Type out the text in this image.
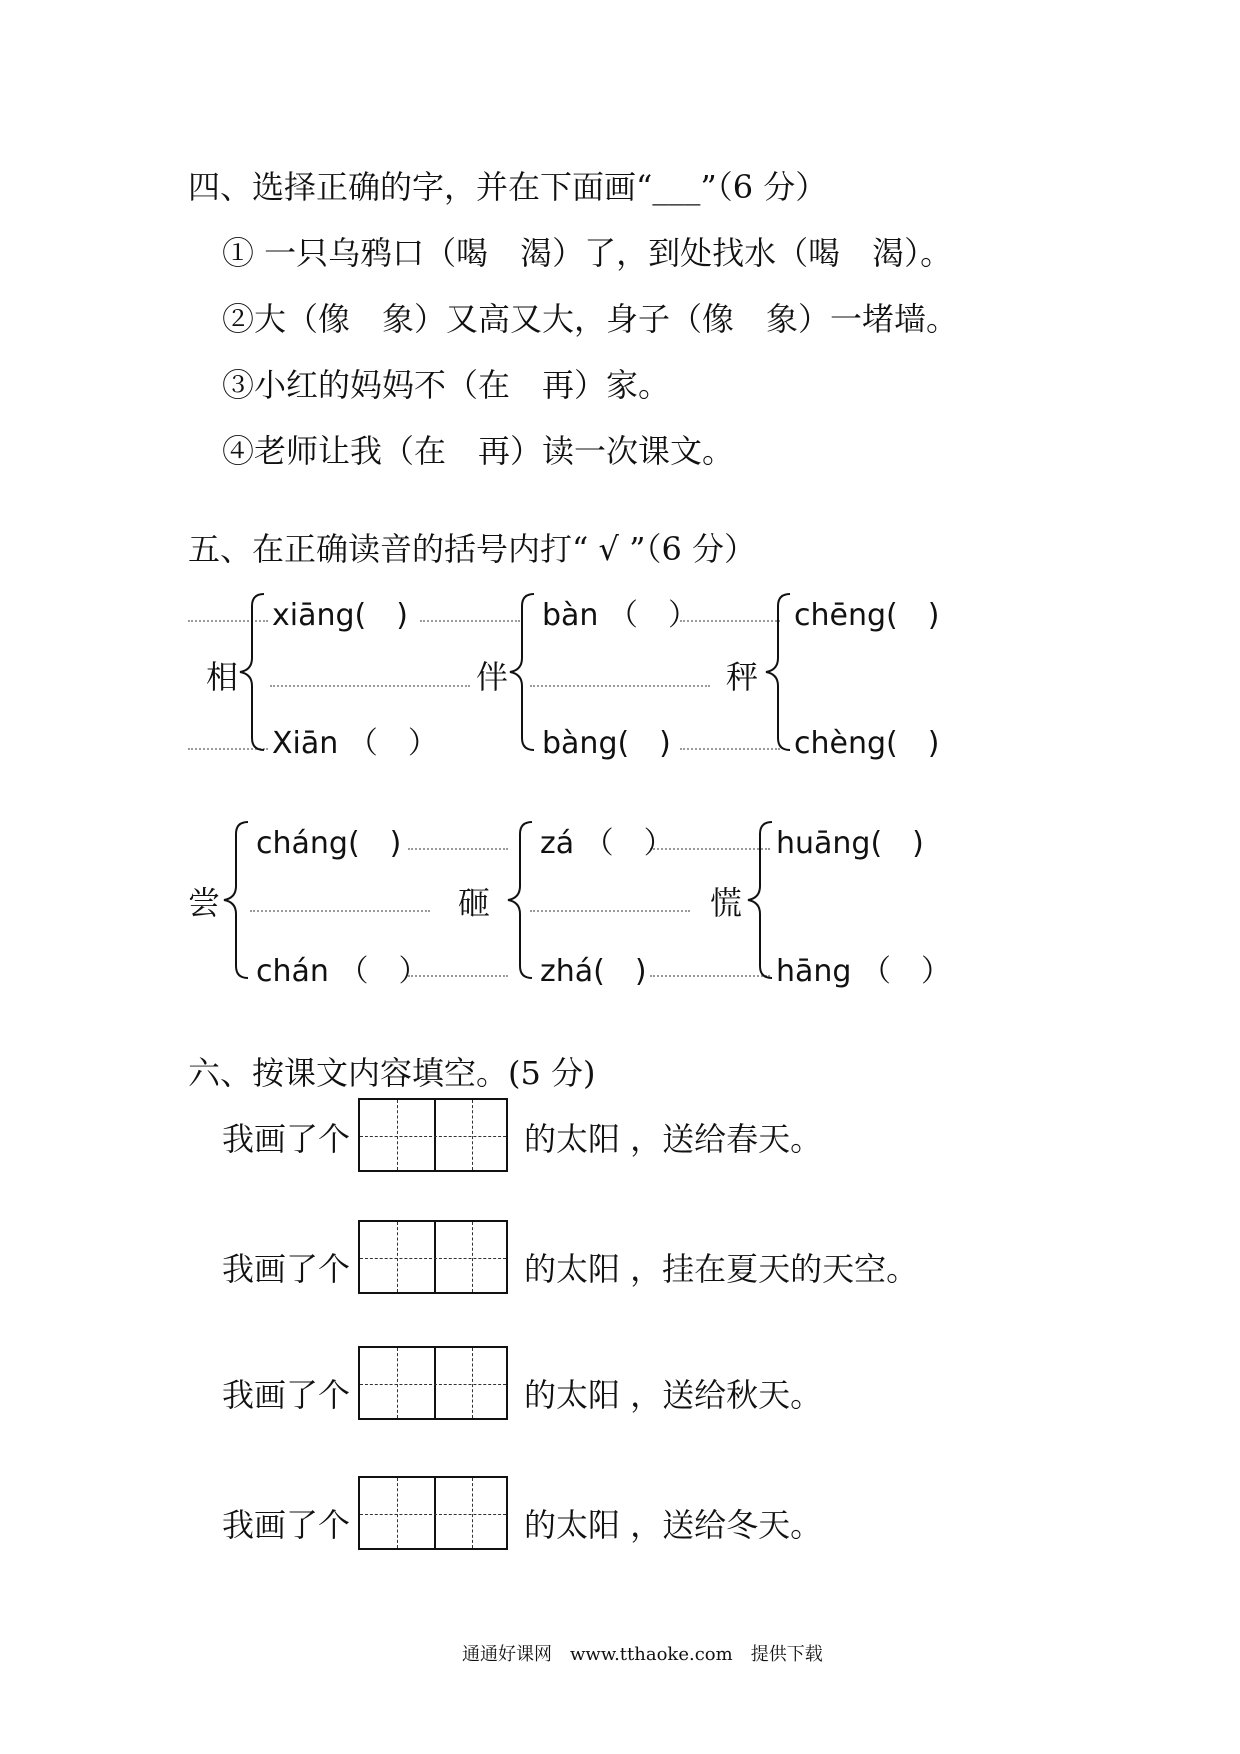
四、选择正确的字，并在下面画“___”（6 分）
① 一只乌鸦口（喝　渴）了，到处找水（喝　渴）。
②大（像　象）又高又大，身子（像　象）一堵墙。
③小红的妈妈不（在　再）家。
④老师让我（在　再）读一次课文。
五、在正确读音的括号内打“ √ ”（6 分）
相
xiāng(　)
Xiān （　）
伴
bàn （　）
bàng(　)
秤
chēng(　)
chèng(　)
尝
cháng(　)
chán （　）
砸
zá （　）
zhá(　)
慌
huāng(　)
hāng （　）
六、按课文内容填空。(5 分)
我画了个	的太阳 ，送给春天。
我画了个	的太阳 ，挂在夏天的天空。
我画了个	的太阳 ，送给秋天。
我画了个	的太阳 ，送给冬天。
通通好课网　www.tthaoke.com　提供下载
